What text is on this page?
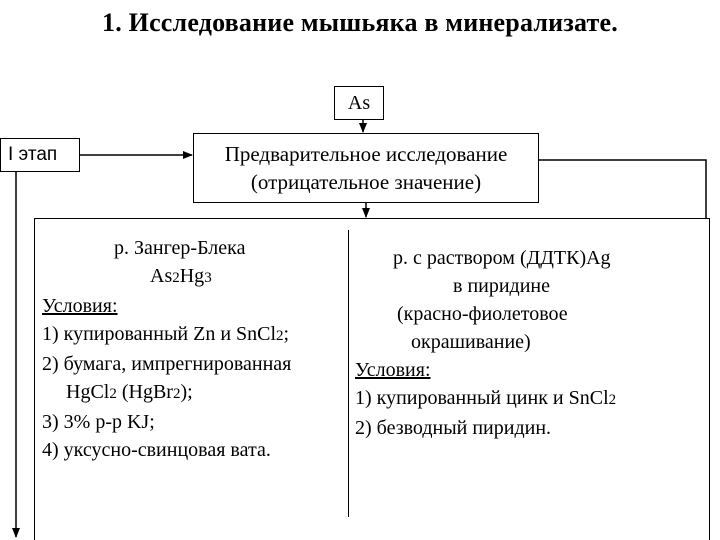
1. Исследование мышьяка в минерализате.
As
I этап	Предварительное исследование
(отрицательное значение)
р. Зангер-Блека
As2Hg3
Условия:
1) купированный Zn и SnCl2;
2) бумага, импрегнированная
HgCl2 (HgBr2);
3) 3% р-р KJ;
4) уксусно-свинцовая вата.
р. с раствором (ДДТК)Ag
в пиридине
(красно-фиолетовое
окрашивание)
Условия:
1) купированный цинк и SnCl2
2) безводный пиридин.
